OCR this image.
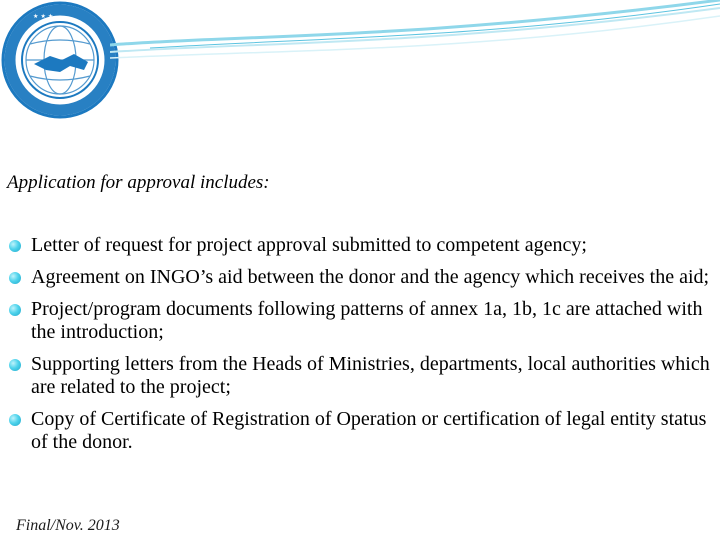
★ ★ ★
Application for approval includes:
Letter of request for project approval submitted to competent agency;
Agreement on INGO’s aid between the donor and the agency which receives the aid;
Project/program documents following patterns of annex 1a, 1b, 1c are attached with the introduction;
Supporting letters from the Heads of Ministries, departments, local authorities which are related to the project;
Copy of Certificate of Registration of Operation or certification of legal entity status of the donor.
Final/Nov. 2013
